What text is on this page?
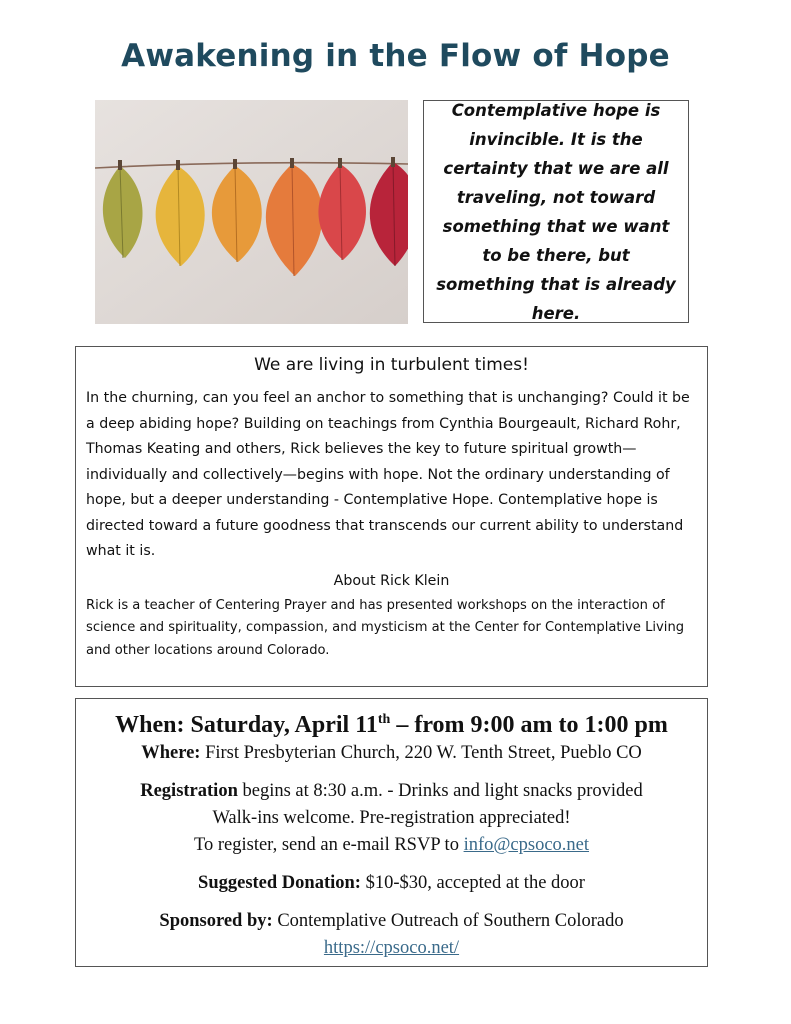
Awakening in the Flow of Hope

Contemplative hope is invincible. It is the certainty that we are all traveling, not toward something that we want to be there, but something that is already here.

We are living in turbulent times!

In the churning, can you feel an anchor to something that is unchanging? Could it be a deep abiding hope? Building on teachings from Cynthia Bourgeault, Richard Rohr, Thomas Keating and others, Rick believes the key to future spiritual growth—individually and collectively—begins with hope. Not the ordinary understanding of hope, but a deeper understanding - Contemplative Hope. Contemplative hope is directed toward a future goodness that transcends our current ability to understand what it is.

About Rick Klein

Rick is a teacher of Centering Prayer and has presented workshops on the interaction of science and spirituality, compassion, and mysticism at the Center for Contemplative Living and other locations around Colorado.

When: Saturday, April 11th – from 9:00 am to 1:00 pm
Where: First Presbyterian Church, 220 W. Tenth Street, Pueblo CO
Registration begins at 8:30 a.m. - Drinks and light snacks provided
Walk-ins welcome. Pre-registration appreciated!
To register, send an e-mail RSVP to info@cpsoco.net
Suggested Donation: $10-$30, accepted at the door
Sponsored by: Contemplative Outreach of Southern Colorado
https://cpsoco.net/
